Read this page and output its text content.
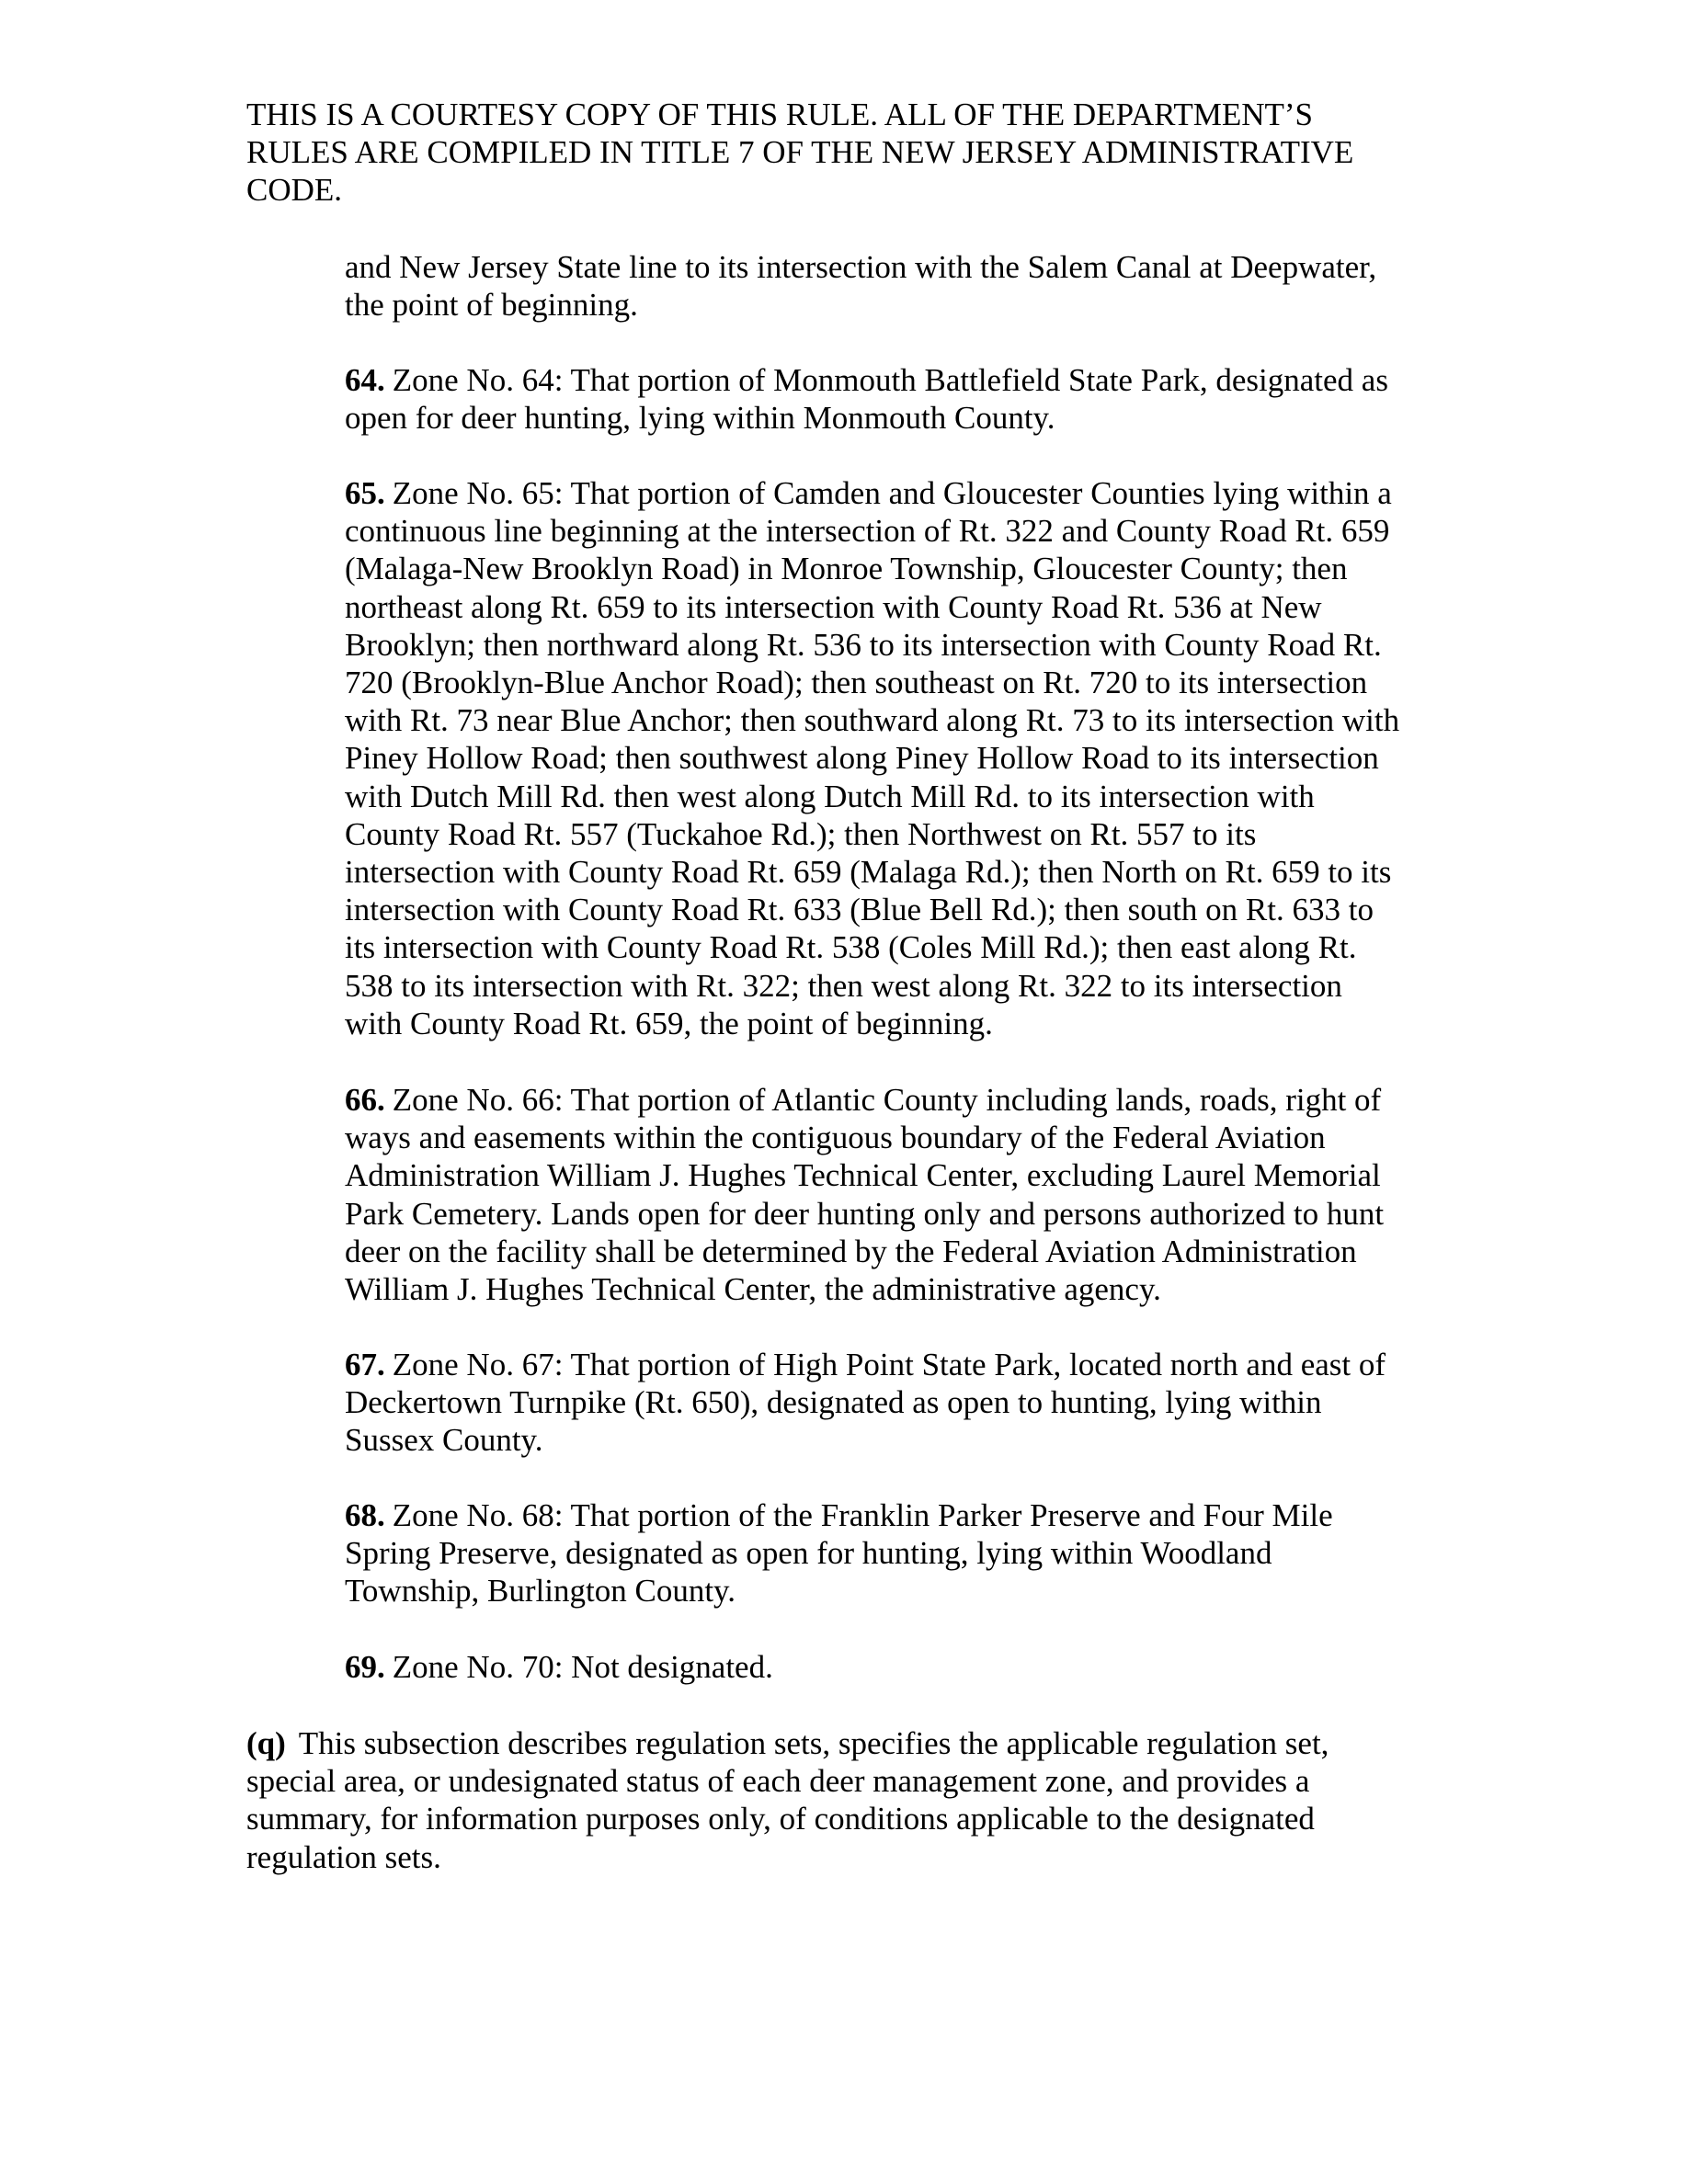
THIS IS A COURTESY COPY OF THIS RULE. ALL OF THE DEPARTMENT’S
RULES ARE COMPILED IN TITLE 7 OF THE NEW JERSEY ADMINISTRATIVE
CODE.
and New Jersey State line to its intersection with the Salem Canal at Deepwater,
the point of beginning.
64. Zone No. 64: That portion of Monmouth Battlefield State Park, designated as
open for deer hunting, lying within Monmouth County.
65. Zone No. 65: That portion of Camden and Gloucester Counties lying within a
continuous line beginning at the intersection of Rt. 322 and County Road Rt. 659
(Malaga-New Brooklyn Road) in Monroe Township, Gloucester County; then
northeast along Rt. 659 to its intersection with County Road Rt. 536 at New
Brooklyn; then northward along Rt. 536 to its intersection with County Road Rt.
720 (Brooklyn-Blue Anchor Road); then southeast on Rt. 720 to its intersection
with Rt. 73 near Blue Anchor; then southward along Rt. 73 to its intersection with
Piney Hollow Road; then southwest along Piney Hollow Road to its intersection
with Dutch Mill Rd. then west along Dutch Mill Rd. to its intersection with
County Road Rt. 557 (Tuckahoe Rd.); then Northwest on Rt. 557 to its
intersection with County Road Rt. 659 (Malaga Rd.); then North on Rt. 659 to its
intersection with County Road Rt. 633 (Blue Bell Rd.); then south on Rt. 633 to
its intersection with County Road Rt. 538 (Coles Mill Rd.); then east along Rt.
538 to its intersection with Rt. 322; then west along Rt. 322 to its intersection
with County Road Rt. 659, the point of beginning.
66. Zone No. 66: That portion of Atlantic County including lands, roads, right of
ways and easements within the contiguous boundary of the Federal Aviation
Administration William J. Hughes Technical Center, excluding Laurel Memorial
Park Cemetery. Lands open for deer hunting only and persons authorized to hunt
deer on the facility shall be determined by the Federal Aviation Administration
William J. Hughes Technical Center, the administrative agency.
67. Zone No. 67: That portion of High Point State Park, located north and east of
Deckertown Turnpike (Rt. 650), designated as open to hunting, lying within
Sussex County.
68. Zone No. 68: That portion of the Franklin Parker Preserve and Four Mile
Spring Preserve, designated as open for hunting, lying within Woodland
Township, Burlington County.
69. Zone No. 70: Not designated.
(q) This subsection describes regulation sets, specifies the applicable regulation set,
special area, or undesignated status of each deer management zone, and provides a
summary, for information purposes only, of conditions applicable to the designated
regulation sets.
